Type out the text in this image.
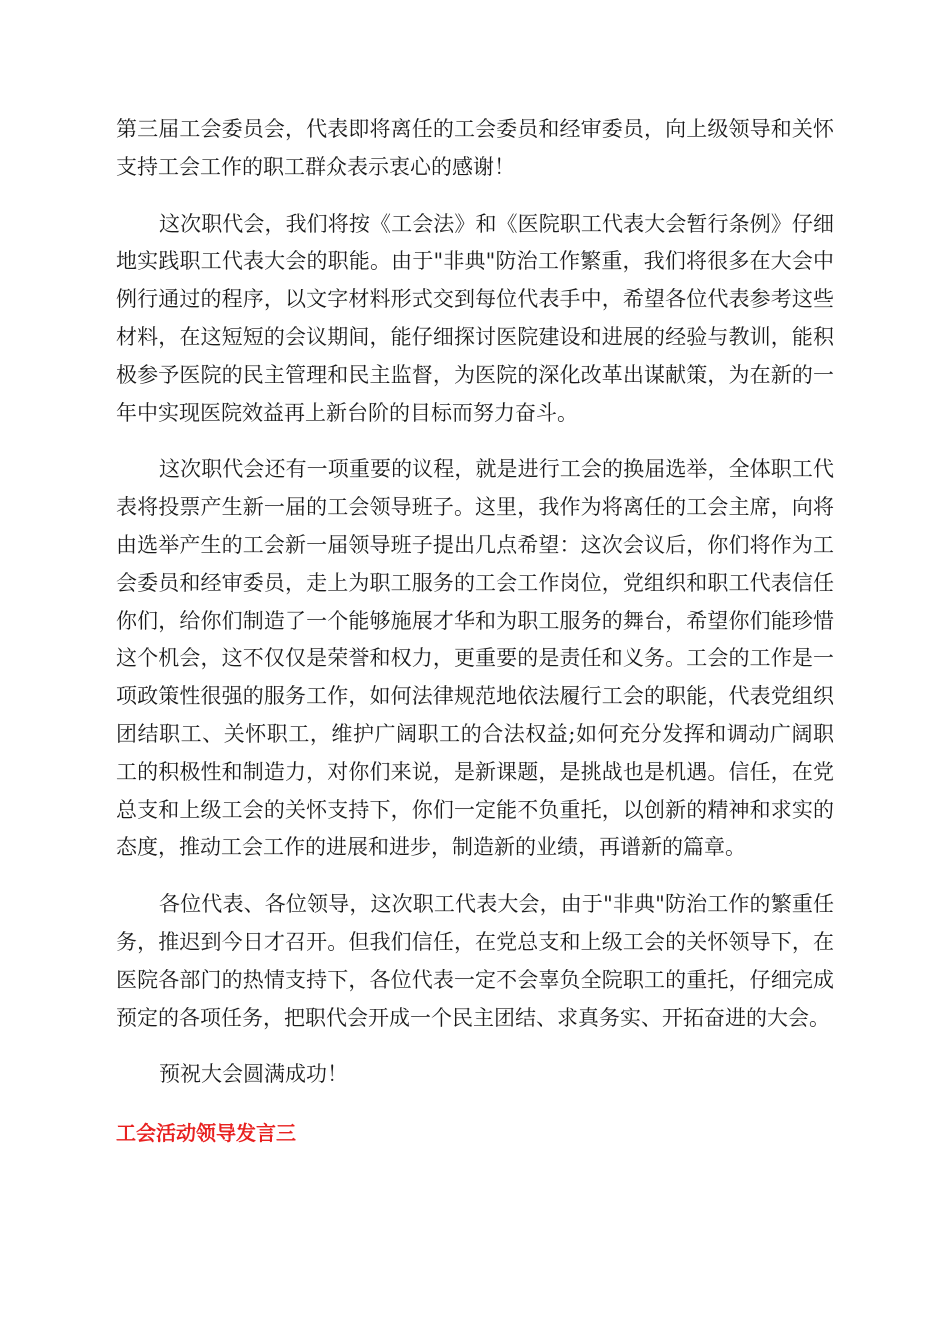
第三届工会委员会，代表即将离任的工会委员和经审委员，向上级领导和关怀支持工会工作的职工群众表示衷心的感谢！

这次职代会，我们将按《工会法》和《医院职工代表大会暂行条例》仔细地实践职工代表大会的职能。由于"非典"防治工作繁重，我们将很多在大会中例行通过的程序，以文字材料形式交到每位代表手中，希望各位代表参考这些材料，在这短短的会议期间，能仔细探讨医院建设和进展的经验与教训，能积极参予医院的民主管理和民主监督，为医院的深化改革出谋献策，为在新的一年中实现医院效益再上新台阶的目标而努力奋斗。

这次职代会还有一项重要的议程，就是进行工会的换届选举，全体职工代表将投票产生新一届的工会领导班子。这里，我作为将离任的工会主席，向将由选举产生的工会新一届领导班子提出几点希望：这次会议后，你们将作为工会委员和经审委员，走上为职工服务的工会工作岗位，党组织和职工代表信任你们，给你们制造了一个能够施展才华和为职工服务的舞台，希望你们能珍惜这个机会，这不仅仅是荣誉和权力，更重要的是责任和义务。工会的工作是一项政策性很强的服务工作，如何法律规范地依法履行工会的职能，代表党组织团结职工、关怀职工，维护广阔职工的合法权益;如何充分发挥和调动广阔职工的积极性和制造力，对你们来说，是新课题，是挑战也是机遇。信任，在党总支和上级工会的关怀支持下，你们一定能不负重托，以创新的精神和求实的态度，推动工会工作的进展和进步，制造新的业绩，再谱新的篇章。

各位代表、各位领导，这次职工代表大会，由于"非典"防治工作的繁重任务，推迟到今日才召开。但我们信任，在党总支和上级工会的关怀领导下，在医院各部门的热情支持下，各位代表一定不会辜负全院职工的重托，仔细完成预定的各项任务，把职代会开成一个民主团结、求真务实、开拓奋进的大会。

预祝大会圆满成功！

工会活动领导发言三
